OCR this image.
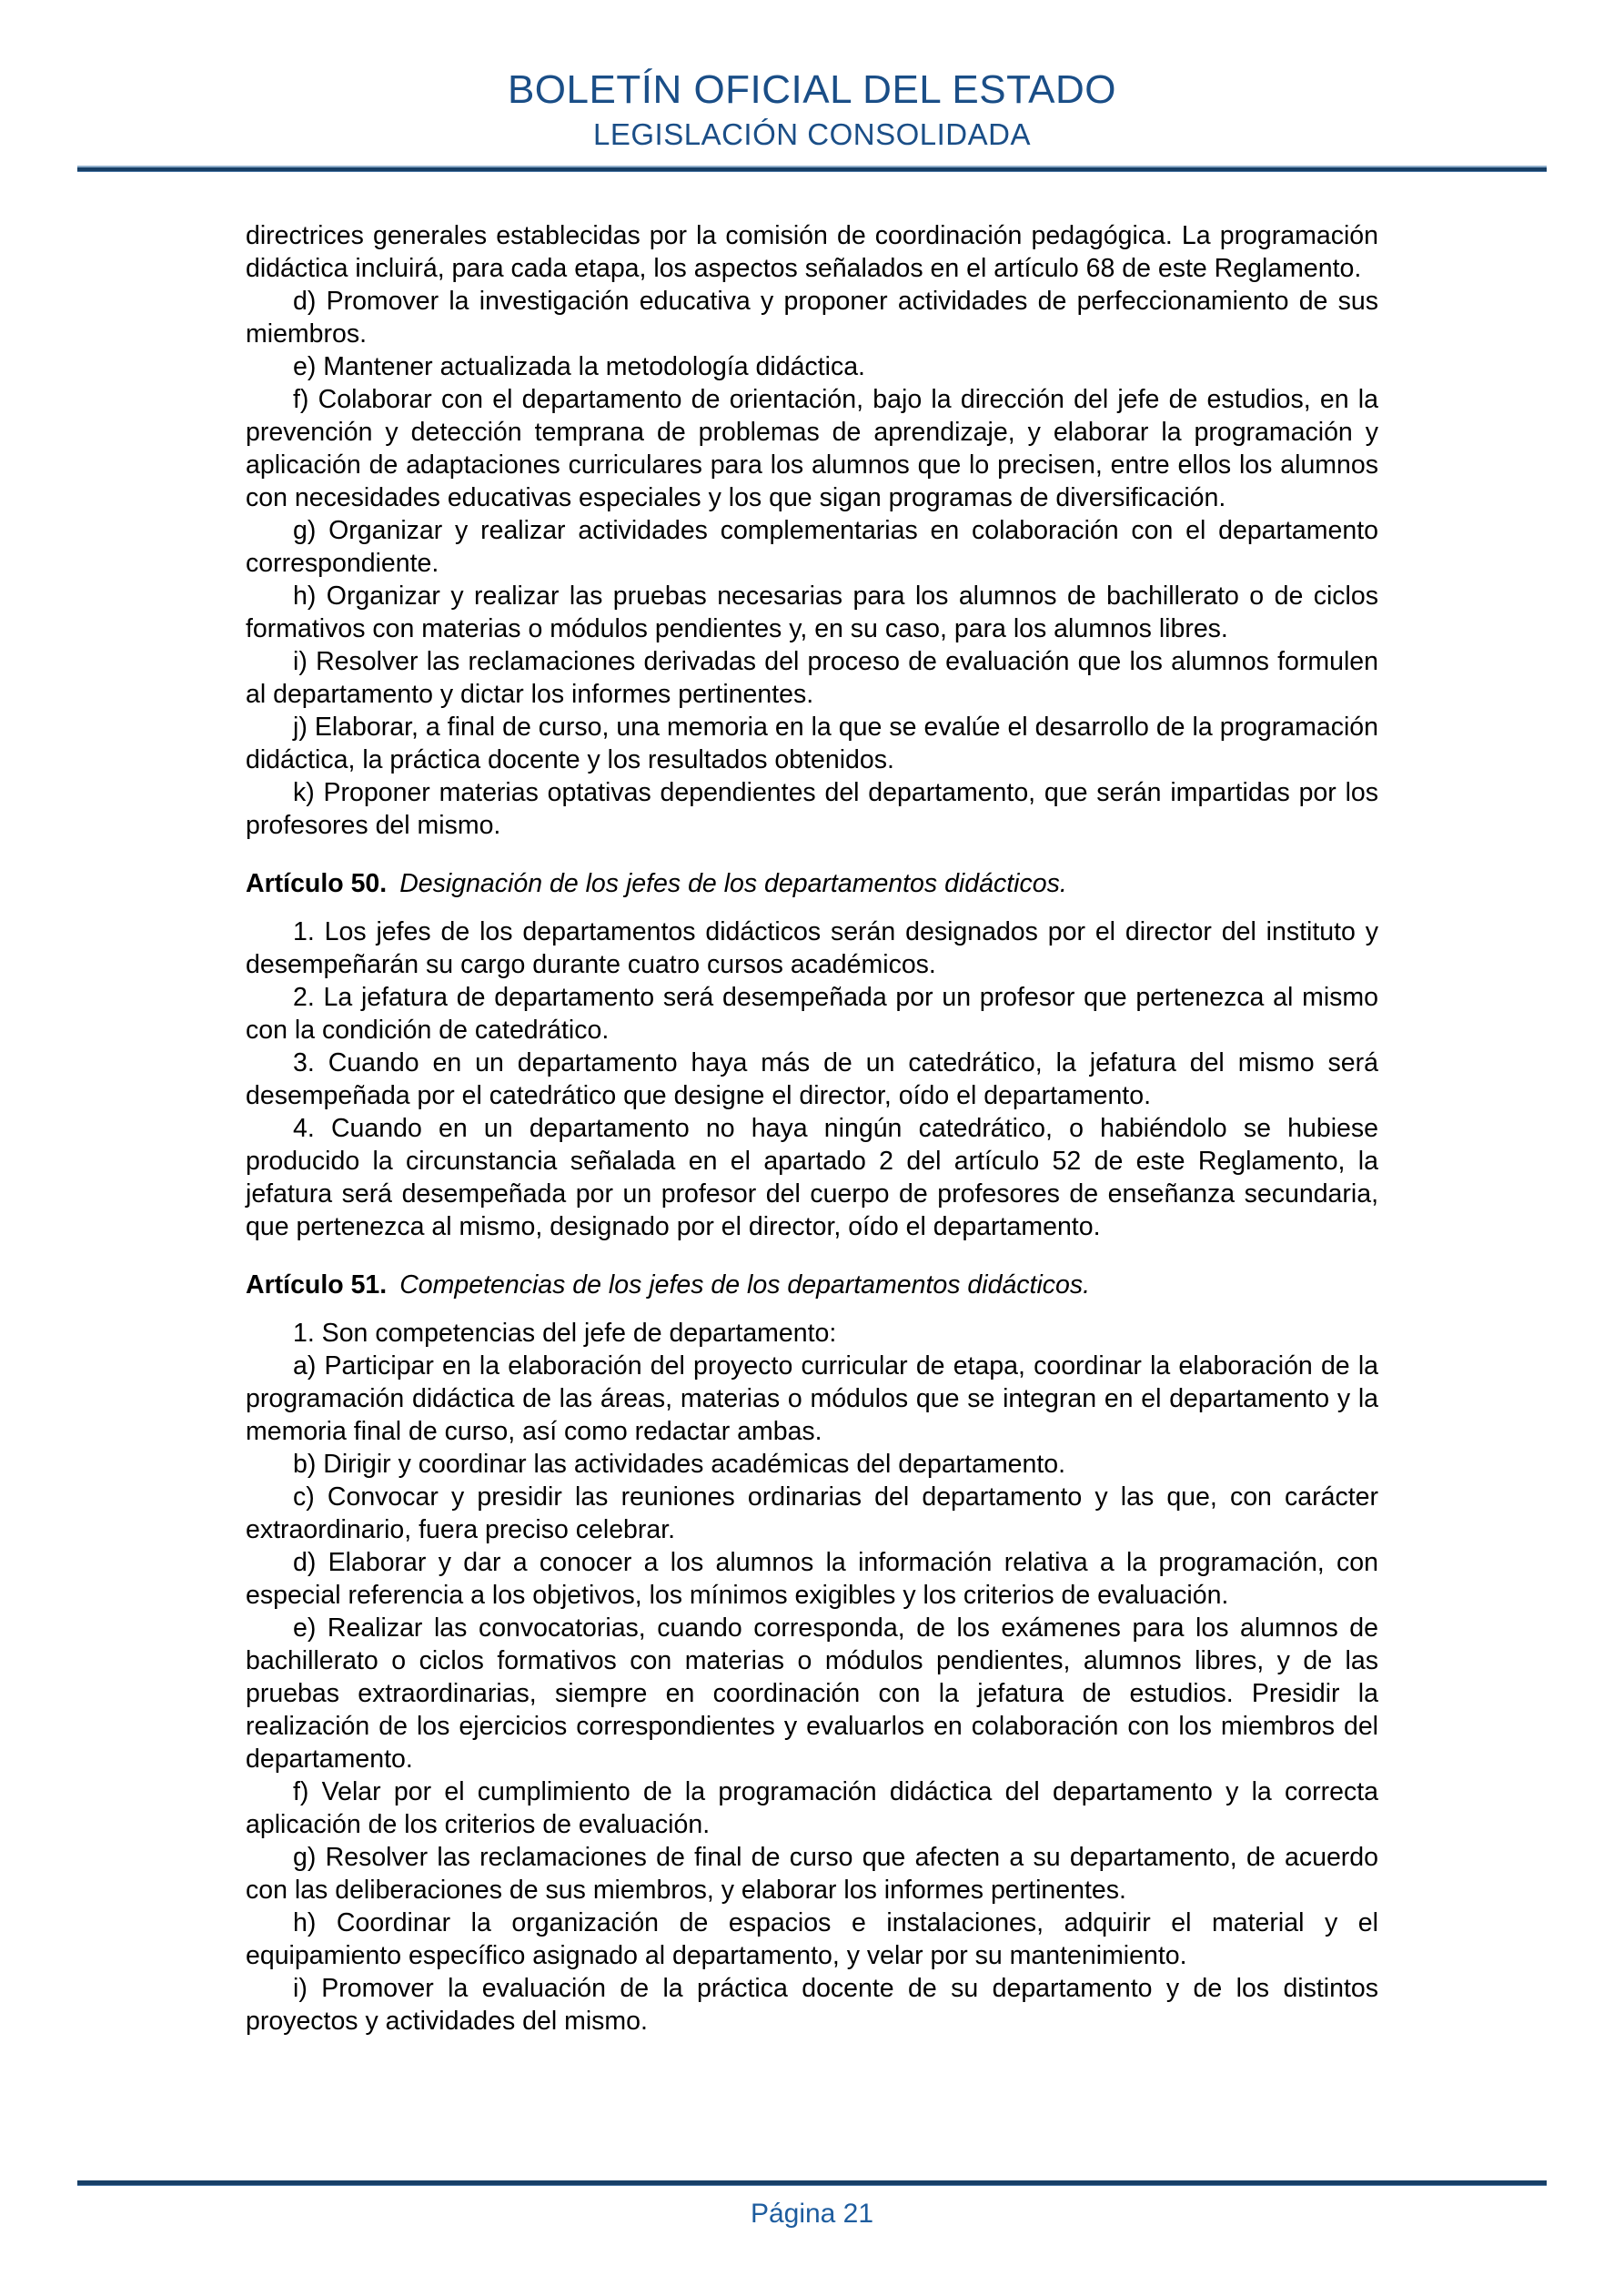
BOLETÍN OFICIAL DEL ESTADO
LEGISLACIÓN CONSOLIDADA

directrices generales establecidas por la comisión de coordinación pedagógica. La programación didáctica incluirá, para cada etapa, los aspectos señalados en el artículo 68 de este Reglamento.

d) Promover la investigación educativa y proponer actividades de perfeccionamiento de sus miembros.

e) Mantener actualizada la metodología didáctica.

f) Colaborar con el departamento de orientación, bajo la dirección del jefe de estudios, en la prevención y detección temprana de problemas de aprendizaje, y elaborar la programación y aplicación de adaptaciones curriculares para los alumnos que lo precisen, entre ellos los alumnos con necesidades educativas especiales y los que sigan programas de diversificación.

g) Organizar y realizar actividades complementarias en colaboración con el departamento correspondiente.

h) Organizar y realizar las pruebas necesarias para los alumnos de bachillerato o de ciclos formativos con materias o módulos pendientes y, en su caso, para los alumnos libres.

i) Resolver las reclamaciones derivadas del proceso de evaluación que los alumnos formulen al departamento y dictar los informes pertinentes.

j) Elaborar, a final de curso, una memoria en la que se evalúe el desarrollo de la programación didáctica, la práctica docente y los resultados obtenidos.

k) Proponer materias optativas dependientes del departamento, que serán impartidas por los profesores del mismo.

Artículo 50. Designación de los jefes de los departamentos didácticos.

1. Los jefes de los departamentos didácticos serán designados por el director del instituto y desempeñarán su cargo durante cuatro cursos académicos.

2. La jefatura de departamento será desempeñada por un profesor que pertenezca al mismo con la condición de catedrático.

3. Cuando en un departamento haya más de un catedrático, la jefatura del mismo será desempeñada por el catedrático que designe el director, oído el departamento.

4. Cuando en un departamento no haya ningún catedrático, o habiéndolo se hubiese producido la circunstancia señalada en el apartado 2 del artículo 52 de este Reglamento, la jefatura será desempeñada por un profesor del cuerpo de profesores de enseñanza secundaria, que pertenezca al mismo, designado por el director, oído el departamento.

Artículo 51. Competencias de los jefes de los departamentos didácticos.

1. Son competencias del jefe de departamento:

a) Participar en la elaboración del proyecto curricular de etapa, coordinar la elaboración de la programación didáctica de las áreas, materias o módulos que se integran en el departamento y la memoria final de curso, así como redactar ambas.

b) Dirigir y coordinar las actividades académicas del departamento.

c) Convocar y presidir las reuniones ordinarias del departamento y las que, con carácter extraordinario, fuera preciso celebrar.

d) Elaborar y dar a conocer a los alumnos la información relativa a la programación, con especial referencia a los objetivos, los mínimos exigibles y los criterios de evaluación.

e) Realizar las convocatorias, cuando corresponda, de los exámenes para los alumnos de bachillerato o ciclos formativos con materias o módulos pendientes, alumnos libres, y de las pruebas extraordinarias, siempre en coordinación con la jefatura de estudios. Presidir la realización de los ejercicios correspondientes y evaluarlos en colaboración con los miembros del departamento.

f) Velar por el cumplimiento de la programación didáctica del departamento y la correcta aplicación de los criterios de evaluación.

g) Resolver las reclamaciones de final de curso que afecten a su departamento, de acuerdo con las deliberaciones de sus miembros, y elaborar los informes pertinentes.

h) Coordinar la organización de espacios e instalaciones, adquirir el material y el equipamiento específico asignado al departamento, y velar por su mantenimiento.

i) Promover la evaluación de la práctica docente de su departamento y de los distintos proyectos y actividades del mismo.

Página 21
